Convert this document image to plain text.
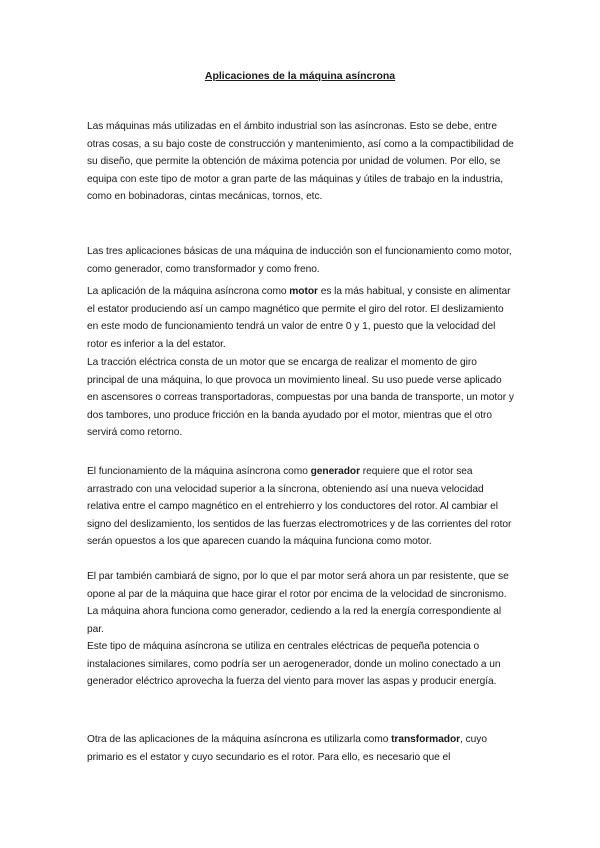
Aplicaciones de la máquina asíncrona

Las máquinas más utilizadas en el ámbito industrial son las asíncronas. Esto se debe, entre otras cosas, a su bajo coste de construcción y mantenimiento, así como a la compactibilidad de su diseño, que permite la obtención de máxima potencia por unidad de volumen. Por ello, se equipa con este tipo de motor a gran parte de las máquinas y útiles de trabajo en la industria, como en bobinadoras, cintas mecánicas, tornos, etc.

Las tres aplicaciones básicas de una máquina de inducción son el funcionamiento como motor, como generador, como transformador y como freno.

La aplicación de la máquina asíncrona como motor es la más habitual, y consiste en alimentar el estator produciendo así un campo magnético que permite el giro del rotor. El deslizamiento en este modo de funcionamiento tendrá un valor de entre 0 y 1, puesto que la velocidad del rotor es inferior a la del estator.

La tracción eléctrica consta de un motor que se encarga de realizar el momento de giro principal de una máquina, lo que provoca un movimiento lineal. Su uso puede verse aplicado en ascensores o correas transportadoras, compuestas por una banda de transporte, un motor y dos tambores, uno produce fricción en la banda ayudado por el motor, mientras que el otro servirá como retorno.

El funcionamiento de la máquina asíncrona como generador requiere que el rotor sea arrastrado con una velocidad superior a la síncrona, obteniendo así una nueva velocidad relativa entre el campo magnético en el entrehierro y los conductores del rotor. Al cambiar el signo del deslizamiento, los sentidos de las fuerzas electromotrices y de las corrientes del rotor serán opuestos a los que aparecen cuando la máquina funciona como motor.

El par también cambiará de signo, por lo que el par motor será ahora un par resistente, que se opone al par de la máquina que hace girar el rotor por encima de la velocidad de sincronismo. La máquina ahora funciona como generador, cediendo a la red la energía correspondiente al par.

Este tipo de máquina asíncrona se utiliza en centrales eléctricas de pequeña potencia o instalaciones similares, como podría ser un aerogenerador, donde un molino conectado a un generador eléctrico aprovecha la fuerza del viento para mover las aspas y producir energía.

Otra de las aplicaciones de la máquina asíncrona es utilizarla como transformador, cuyo primario es el estator y cuyo secundario es el rotor. Para ello, es necesario que el
